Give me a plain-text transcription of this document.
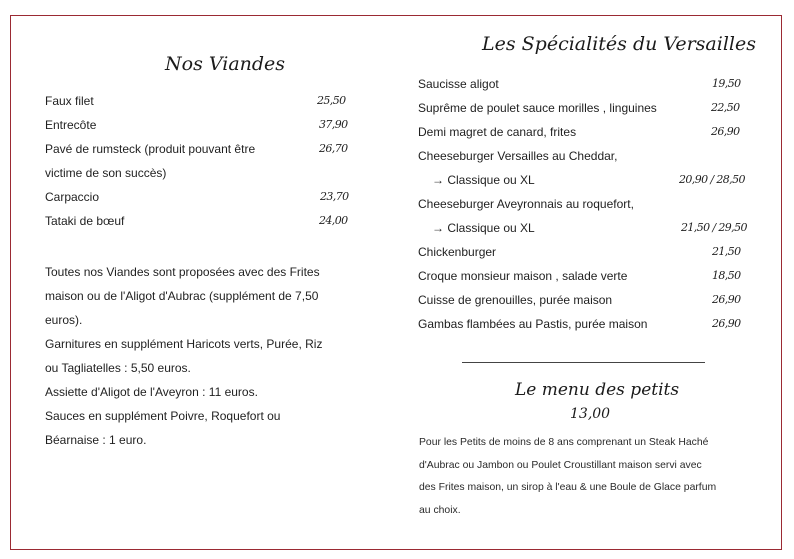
Nos Viandes
Faux filet	25,50
Entrecôte	37,90
Pavé de rumsteck (produit pouvant être	26,70
victime de son succès)
Carpaccio	23,70
Tataki de bœuf	24,00
Toutes nos Viandes sont proposées avec des Frites
maison ou de l'Aligot d'Aubrac (supplément de 7,50
euros).
Garnitures en supplément Haricots verts, Purée, Riz
ou Tagliatelles : 5,50 euros.
Assiette d'Aligot de l'Aveyron : 11 euros.
Sauces en supplément Poivre, Roquefort ou
Béarnaise : 1 euro.
Les Spécialités du Versailles
Saucisse aligot	19,50
Suprême de poulet sauce morilles , linguines	22,50
Demi magret de canard, frites	26,90
Cheeseburger Versailles au Cheddar,
→ Classique ou XL	20,90 / 28,50
Cheeseburger Aveyronnais au roquefort,
→ Classique ou XL	21,50 / 29,50
Chickenburger	21,50
Croque monsieur maison , salade verte	18,50
Cuisse de grenouilles, purée maison	26,90
Gambas flambées au Pastis, purée maison	26,90
Le menu des petits
13,00
Pour les Petits de moins de 8 ans comprenant un Steak Haché
d'Aubrac ou Jambon ou Poulet Croustillant maison servi avec
des Frites maison, un sirop à l'eau & une Boule de Glace parfum
au choix.
